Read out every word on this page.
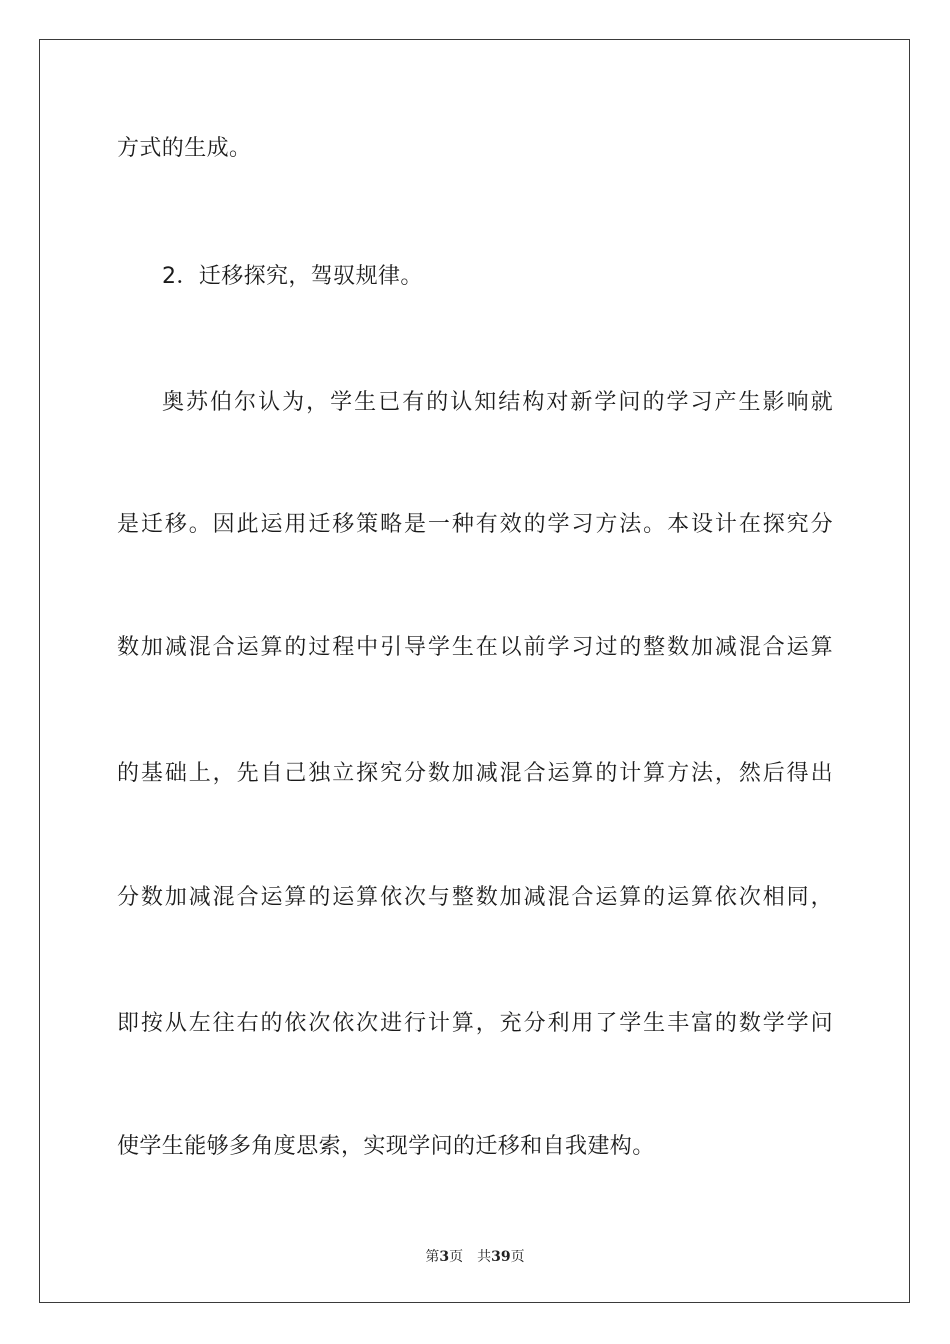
方式的生成。
2．迁移探究，驾驭规律。
奥苏伯尔认为，学生已有的认知结构对新学问的学习产生影响就
是迁移。因此运用迁移策略是一种有效的学习方法。本设计在探究分
数加减混合运算的过程中引导学生在以前学习过的整数加减混合运算
的基础上，先自己独立探究分数加减混合运算的计算方法，然后得出
分数加减混合运算的运算依次与整数加减混合运算的运算依次相同，
即按从左往右的依次依次进行计算，充分利用了学生丰富的数学学问
使学生能够多角度思索，实现学问的迁移和自我建构。
第3页 共39页
